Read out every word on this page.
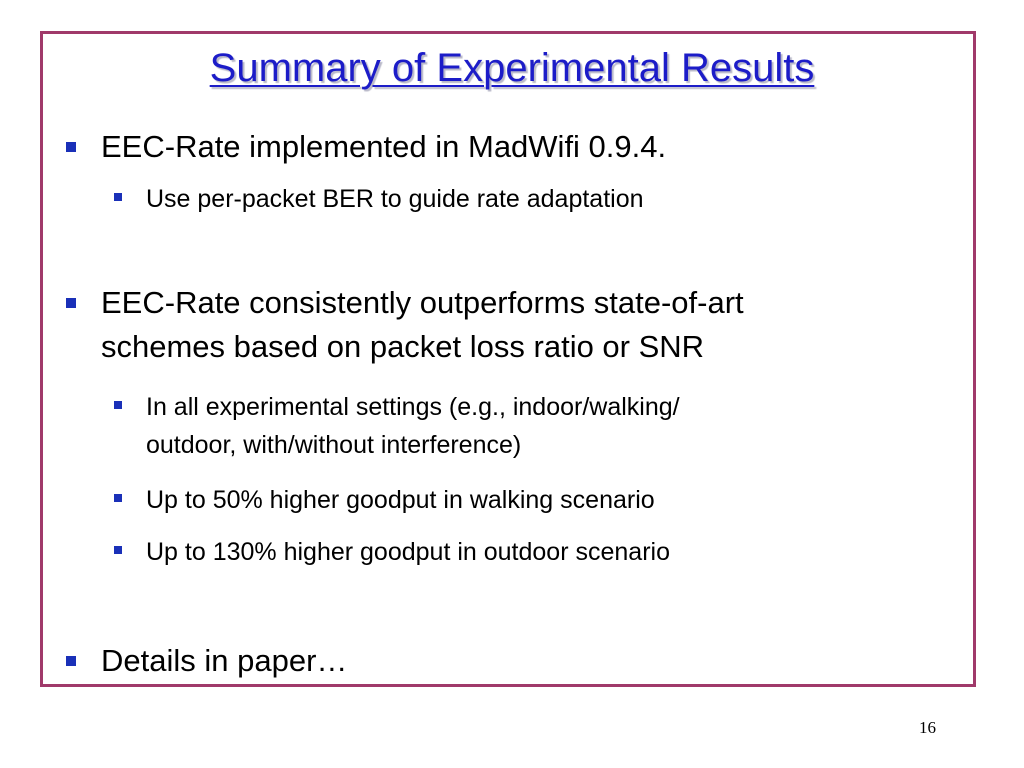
Summary of Experimental Results
EEC-Rate implemented in MadWifi 0.9.4.
Use per-packet BER to guide rate adaptation
EEC-Rate consistently outperforms state-of-art
schemes based on packet loss ratio or SNR
In all experimental settings (e.g., indoor/walking/
outdoor, with/without interference)
Up to 50% higher goodput in walking scenario
Up to 130% higher goodput in outdoor scenario
Details in paper…
16
